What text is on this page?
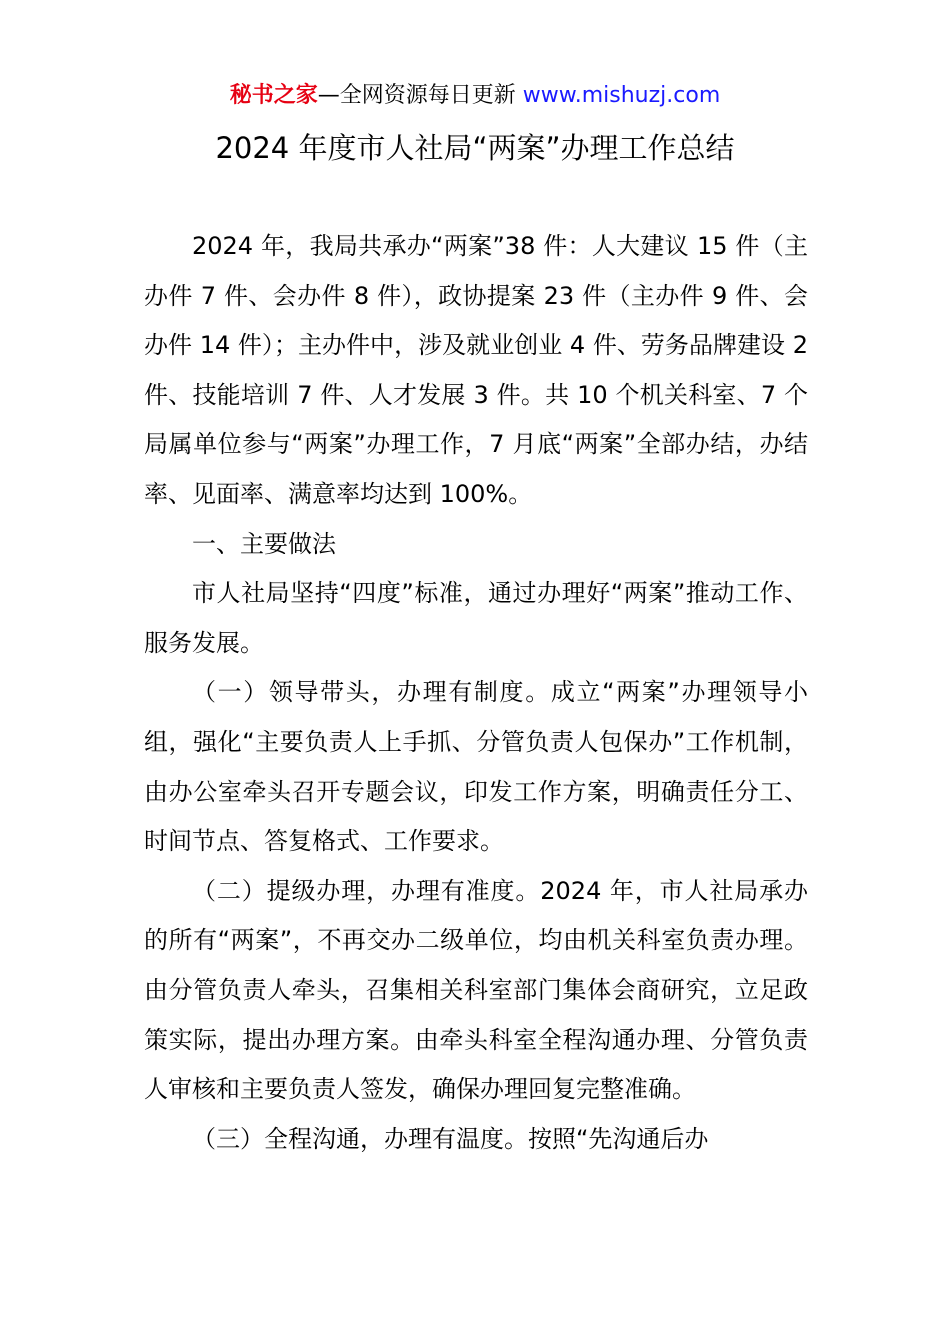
秘书之家—全网资源每日更新 www.mishuzj.com
2024 年度市人社局“两案”办理工作总结

2024 年，我局共承办“两案”38 件：人大建议 15 件（主办件 7 件、会办件 8 件），政协提案 23 件（主办件 9 件、会办件 14 件）；主办件中，涉及就业创业 4 件、劳务品牌建设 2 件、技能培训 7 件、人才发展 3 件。共 10 个机关科室、7 个局属单位参与“两案”办理工作，7 月底“两案”全部办结，办结率、见面率、满意率均达到 100%。

一、主要做法

市人社局坚持“四度”标准，通过办理好“两案”推动工作、服务发展。

（一）领导带头，办理有制度。成立“两案”办理领导小组，强化“主要负责人上手抓、分管负责人包保办”工作机制，由办公室牵头召开专题会议，印发工作方案，明确责任分工、时间节点、答复格式、工作要求。

（二）提级办理，办理有准度。2024 年，市人社局承办的所有“两案”，不再交办二级单位，均由机关科室负责办理。由分管负责人牵头，召集相关科室部门集体会商研究，立足政策实际，提出办理方案。由牵头科室全程沟通办理、分管负责人审核和主要负责人签发，确保办理回复完整准确。

（三）全程沟通，办理有温度。按照“先沟通后办
